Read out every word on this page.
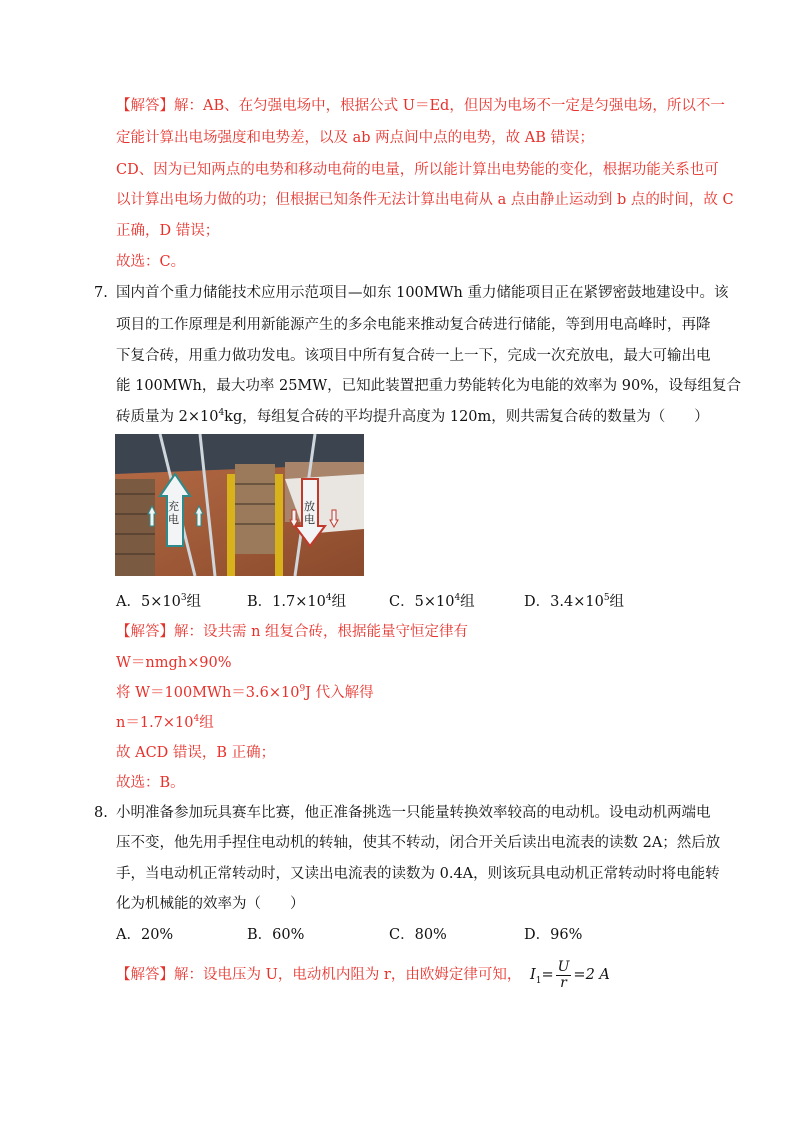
【解答】解：AB、在匀强电场中，根据公式 U＝Ed，但因为电场不一定是匀强电场，所以不一
定能计算出电场强度和电势差，以及 ab 两点间中点的电势，故 AB 错误；
CD、因为已知两点的电势和移动电荷的电量，所以能计算出电势能的变化，根据功能关系也可
以计算出电场力做的功；但根据已知条件无法计算出电荷从 a 点由静止运动到 b 点的时间，故 C
正确，D 错误；
故选：C。
7. 国内首个重力储能技术应用示范项目—如东 100MWh 重力储能项目正在紧锣密鼓地建设中。该
项目的工作原理是利用新能源产生的多余电能来推动复合砖进行储能，等到用电高峰时，再降
下复合砖，用重力做功发电。该项目中所有复合砖一上一下，完成一次充放电，最大可输出电
能 100MWh，最大功率 25MW，已知此装置把重力势能转化为电能的效率为 90%，设每组复合
砖质量为 $2\times 10^4kg$，每组复合砖的平均提升高度为 120m，则共需复合砖的数量为（　　）
充电
放电
A．$5\times 10^3$组	B．$1.7\times 10^4$组	C．$5\times 10^4$组	D．$3.4\times 10^5$组
【解答】解：设共需 n 组复合砖，根据能量守恒定律有
W＝nmgh×90%
将 $W=100MWh=3.6\times 10^9J$ 代入解得
$n=1.7\times 10^4$组
故 ACD 错误，B 正确；
故选：B。
8. 小明准备参加玩具赛车比赛，他正准备挑选一只能量转换效率较高的电动机。设电动机两端电
压不变，他先用手捏住电动机的转轴，使其不转动，闭合开关后读出电流表的读数 2A；然后放
手，当电动机正常转动时，又读出电流表的读数为 0.4A，则该玩具电动机正常转动时将电能转
化为机械能的效率为（　　）
A．20%	B．60%	C．80%	D．96%
【解答】解：设电压为 U，电动机内阻为 r，由欧姆定律可知， $I_1= \frac{U}{r} =2$ A
